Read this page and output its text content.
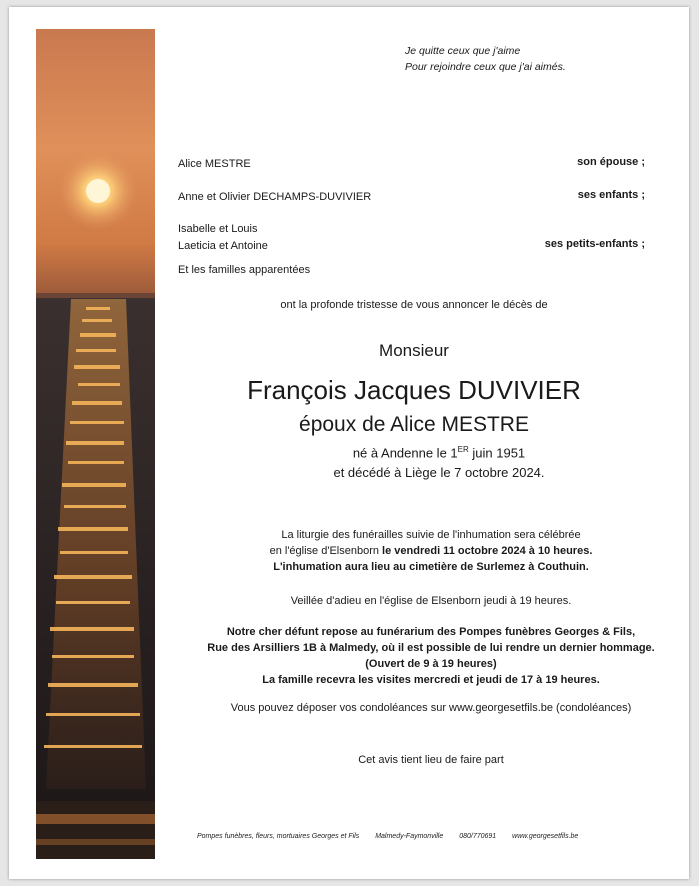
Je quitte ceux que j'aime
Pour rejoindre ceux que j'ai aimés.
Alice MESTRE	son épouse ;
Anne et Olivier DECHAMPS-DUVIVIER	ses enfants ;
Isabelle et Louis
Laeticia et Antoine	ses petits-enfants ;
Et les familles apparentées
ont la profonde tristesse de vous annoncer le décès de
Monsieur
François Jacques DUVIVIER
époux de Alice MESTRE
né à Andenne le 1ER juin 1951
et décédé à Liège le 7 octobre 2024.
La liturgie des funérailles suivie de l'inhumation sera célébrée
en l'église d'Elsenborn le vendredi 11 octobre 2024 à 10 heures.
L'inhumation aura lieu au cimetière de Surlemez à Couthuin.
Veillée d'adieu en l'église de Elsenborn jeudi à 19 heures.
Notre cher défunt repose au funérarium des Pompes funèbres Georges & Fils,
Rue des Arsilliers 1B à Malmedy, où il est possible de lui rendre un dernier hommage.
(Ouvert de 9 à 19 heures)
La famille recevra les visites mercredi et jeudi de 17 à 19 heures.
Vous pouvez déposer vos condoléances sur www.georgesetfils.be (condoléances)
Cet avis tient lieu de faire part
Pompes funèbres, fleurs, mortuaires Georges et Fils Malmedy-Faymonville 080/770691 www.georgesetfils.be
